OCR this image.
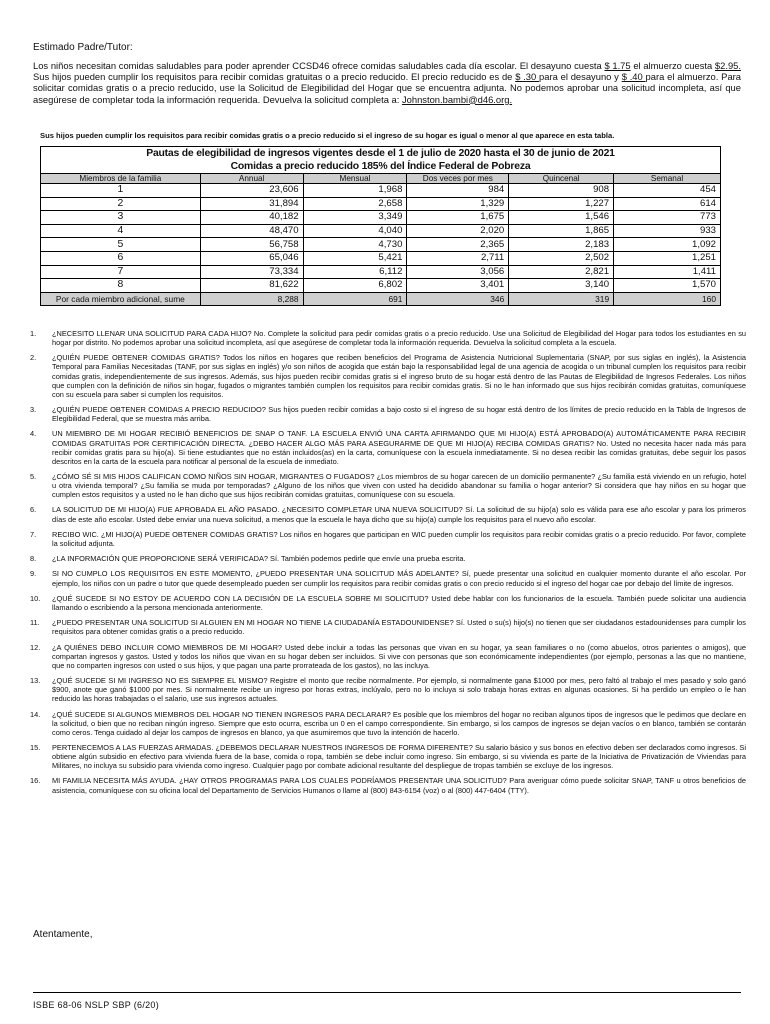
Estimado Padre/Tutor:
Los niños necesitan comidas saludables para poder aprender CCSD46 ofrece comidas saludables cada día escolar. El desayuno cuesta $ 1.75 el almuerzo cuesta $2.95. Sus hijos pueden cumplir los requisitos para recibir comidas gratuitas o a precio reducido. El precio reducido es de $ .30 para el desayuno y $ .40 para el almuerzo. Para solicitar comidas gratis o a precio reducido, use la Solicitud de Elegibilidad del Hogar que se encuentra adjunta. No podemos aprobar una solicitud incompleta, así que asegúrese de completar toda la información requerida. Devuelva la solicitud completa a: Johnston.bambi@d46.org.
Sus hijos pueden cumplir los requisitos para recibir comidas gratis o a precio reducido si el ingreso de su hogar es igual o menor al que aparece en esta tabla.
Pautas de elegibilidad de ingresos vigentes desde el 1 de julio de 2020 hasta el 30 de junio de 2021					
Comidas a precio reducido 185% del Índice Federal de Pobreza					
Miembros de la familia	Annual	Mensual	Dos veces por mes	Quincenal	Semanal
1	23,606	1,968	984	908	454
2	31,894	2,658	1,329	1,227	614
3	40,182	3,349	1,675	1,546	773
4	48,470	4,040	2,020	1,865	933
5	56,758	4,730	2,365	2,183	1,092
6	65,046	5,421	2,711	2,502	1,251
7	73,334	6,112	3,056	2,821	1,411
8	81,622	6,802	3,401	3,140	1,570
Por cada miembro adicional, sume	8,288	691	346	319	160
1.	¿NECESITO LLENAR UNA SOLICITUD PARA CADA HIJO? No. Complete la solicitud para pedir comidas gratis o a precio reducido. Use una Solicitud de Elegibilidad del Hogar para todos los estudiantes en su hogar por distrito. No podemos aprobar una solicitud incompleta, así que asegúrese de completar toda la información requerida. Devuelva la solicitud completa a la escuela.
2.	¿QUIÉN PUEDE OBTENER COMIDAS GRATIS? Todos los niños en hogares que reciben beneficios del Programa de Asistencia Nutricional Suplementaria (SNAP, por sus siglas en inglés), la Asistencia Temporal para Familias Necesitadas (TANF, por sus siglas en inglés) y/o son niños de acogida que están bajo la responsabilidad legal de una agencia de acogida o un tribunal cumplen los requisitos para recibir comidas gratis, independientemente de sus ingresos. Además, sus hijos pueden recibir comidas gratis si el ingreso bruto de su hogar está dentro de las Pautas de Elegibilidad de Ingresos Federales. Los niños que cumplen con la definición de niños sin hogar, fugados o migrantes también cumplen los requisitos para recibir comidas gratis. Si no le han informado que sus hijos recibirán comidas gratuitas, comuníquese con su escuela para saber si cumplen los requisitos.
3.	¿QUIÉN PUEDE OBTENER COMIDAS A PRECIO REDUCIDO? Sus hijos pueden recibir comidas a bajo costo si el ingreso de su hogar está dentro de los límites de precio reducido en la Tabla de Ingresos de Elegibilidad Federal, que se muestra más arriba.
4.	UN MIEMBRO DE MI HOGAR RECIBIÓ BENEFICIOS DE SNAP O TANF. LA ESCUELA ENVIÓ UNA CARTA AFIRMANDO QUE MI HIJO(A) ESTÁ APROBADO(A) AUTOMÁTICAMENTE PARA RECIBIR COMIDAS GRATUITAS POR CERTIFICACIÓN DIRECTA. ¿DEBO HACER ALGO MÁS PARA ASEGURARME DE QUE MI HIJO(A) RECIBA COMIDAS GRATIS? No. Usted no necesita hacer nada más para recibir comidas gratis para su hijo(a). Si tiene estudiantes que no están incluidos(as) en la carta, comuníquese con la escuela inmediatamente. Si no desea recibir las comidas gratuitas, debe seguir los pasos descritos en la carta de la escuela para notificar al personal de la escuela de inmediato.
5.	¿CÓMO SÉ SI MIS HIJOS CALIFICAN COMO NIÑOS SIN HOGAR, MIGRANTES O FUGADOS? ¿Los miembros de su hogar carecen de un domicilio permanente? ¿Su familia está viviendo en un refugio, hotel u otra vivienda temporal? ¿Su familia se muda por temporadas? ¿Alguno de los niños que viven con usted ha decidido abandonar su familia o hogar anterior? Si considera que hay niños en su hogar que cumplen estos requisitos y a usted no le han dicho que sus hijos recibirán comidas gratuitas, comuníquese con su escuela.
6.	LA SOLICITUD DE MI HIJO(A) FUE APROBADA EL AÑO PASADO. ¿NECESITO COMPLETAR UNA NUEVA SOLICITUD? Sí. La solicitud de su hijo(a) solo es válida para ese año escolar y para los primeros días de este año escolar. Usted debe enviar una nueva solicitud, a menos que la escuela le haya dicho que su hijo(a) cumple los requisitos para el nuevo año escolar.
7.	RECIBO WIC. ¿MI HIJO(A) PUEDE OBTENER COMIDAS GRATIS? Los niños en hogares que participan en WIC pueden cumplir los requisitos para recibir comidas gratis o a precio reducido. Por favor, complete la solicitud adjunta.
8.	¿LA INFORMACIÓN QUE PROPORCIONE SERÁ VERIFICADA? Sí. También podemos pedirle que envíe una prueba escrita.
9.	SI NO CUMPLO LOS REQUISITOS EN ESTE MOMENTO, ¿PUEDO PRESENTAR UNA SOLICITUD MÁS ADELANTE? Sí, puede presentar una solicitud en cualquier momento durante el año escolar. Por ejemplo, los niños con un padre o tutor que quede desempleado pueden ser cumplir los requisitos para recibir comidas gratis o con precio reducido si el ingreso del hogar cae por debajo del límite de ingresos.
10.	¿QUÉ SUCEDE SI NO ESTOY DE ACUERDO CON LA DECISIÓN DE LA ESCUELA SOBRE MI SOLICITUD? Usted debe hablar con los funcionarios de la escuela. También puede solicitar una audiencia llamando o escribiendo a la persona mencionada anteriormente.
11.	¿PUEDO PRESENTAR UNA SOLICITUD SI ALGUIEN EN MI HOGAR NO TIENE LA CIUDADANÍA ESTADOUNIDENSE? Sí. Usted o su(s) hijo(s) no tienen que ser ciudadanos estadounidenses para cumplir los requisitos para obtener comidas gratis o a precio reducido.
12.	¿A QUIÉNES DEBO INCLUIR COMO MIEMBROS DE MI HOGAR? Usted debe incluir a todas las personas que vivan en su hogar, ya sean familiares o no (como abuelos, otros parientes o amigos), que compartan ingresos y gastos. Usted y todos los niños que vivan en su hogar deben ser incluidos. Si vive con personas que son económicamente independientes (por ejemplo, personas a las que no mantiene, que no comparten ingresos con usted o sus hijos, y que pagan una parte prorrateada de los gastos), no las incluya.
13.	¿QUÉ SUCEDE SI MI INGRESO NO ES SIEMPRE EL MISMO? Registre el monto que recibe normalmente. Por ejemplo, si normalmente gana $1000 por mes, pero faltó al trabajo el mes pasado y solo ganó $900, anote que ganó $1000 por mes. Si normalmente recibe un ingreso por horas extras, inclúyalo, pero no lo incluya si solo trabaja horas extras en algunas ocasiones. Si ha perdido un empleo o le han reducido las horas trabajadas o el salario, use sus ingresos actuales.
14.	¿QUÉ SUCEDE SI ALGUNOS MIEMBROS DEL HOGAR NO TIENEN INGRESOS PARA DECLARAR? Es posible que los miembros del hogar no reciban algunos tipos de ingresos que le pedimos que declare en la solicitud, o bien que no reciban ningún ingreso. Siempre que esto ocurra, escriba un 0 en el campo correspondiente. Sin embargo, si los campos de ingresos se dejan vacíos o en blanco, también se contarán como ceros. Tenga cuidado al dejar los campos de ingresos en blanco, ya que asumiremos que tuvo la intención de hacerlo.
15.	PERTENECEMOS A LAS FUERZAS ARMADAS. ¿DEBEMOS DECLARAR NUESTROS INGRESOS DE FORMA DIFERENTE? Su salario básico y sus bonos en efectivo deben ser declarados como ingresos. Si obtiene algún subsidio en efectivo para vivienda fuera de la base, comida o ropa, también se debe incluir como ingreso. Sin embargo, si su vivienda es parte de la Iniciativa de Privatización de Viviendas para Militares, no incluya su subsidio para vivienda como ingreso. Cualquier pago por combate adicional resultante del despliegue de tropas también se excluye de los ingresos.
16.	MI FAMILIA NECESITA MÁS AYUDA. ¿HAY OTROS PROGRAMAS PARA LOS CUALES PODRÍAMOS PRESENTAR UNA SOLICITUD? Para averiguar cómo puede solicitar SNAP, TANF u otros beneficios de asistencia, comuníquese con su oficina local del Departamento de Servicios Humanos o llame al (800) 843-6154 (voz) o al (800) 447-6404 (TTY).
Atentamente,
ISBE 68-06 NSLP SBP (6/20)
